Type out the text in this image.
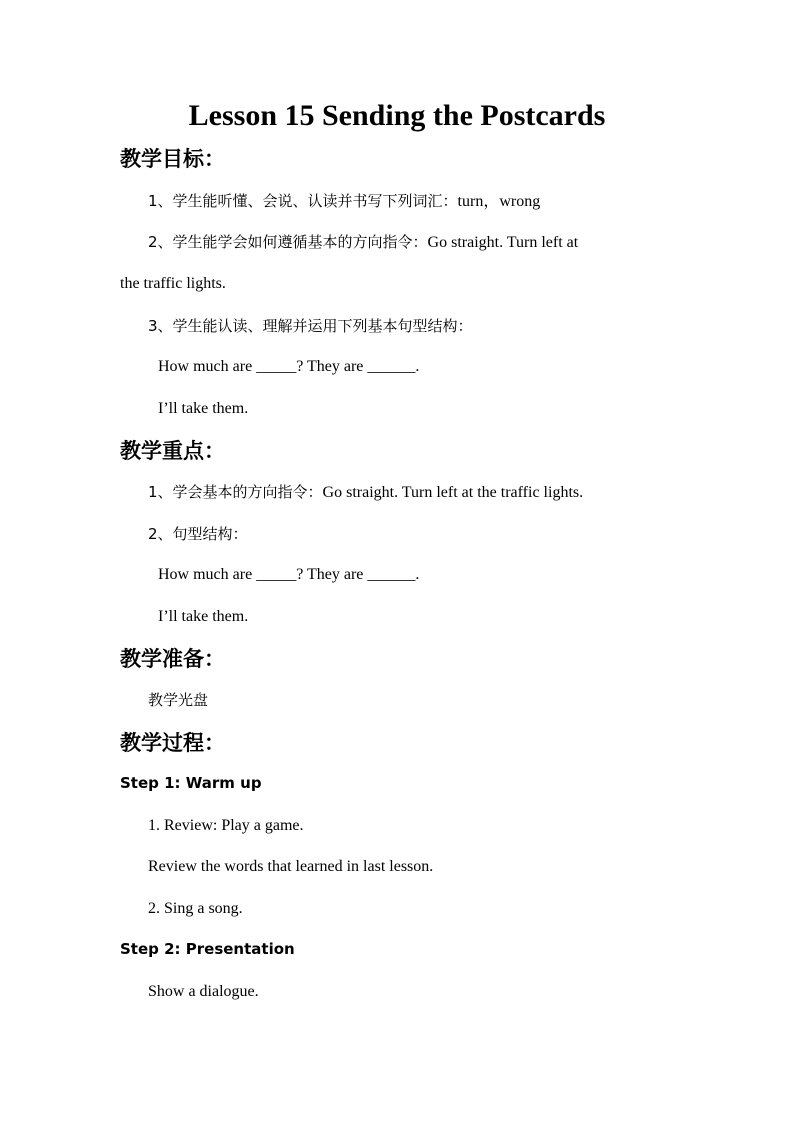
Lesson 15 Sending the Postcards
教学目标：
1、学生能听懂、会说、认读并书写下列词汇：turn，wrong
2、学生能学会如何遵循基本的方向指令：Go straight. Turn left at
the traffic lights.
3、学生能认读、理解并运用下列基本句型结构：
How much are _____? They are ______.
I’ll take them.
教学重点：
1、学会基本的方向指令：Go straight. Turn left at the traffic lights.
2、句型结构：
How much are _____? They are ______.
I’ll take them.
教学准备：
教学光盘
教学过程：
Step 1: Warm up
1. Review: Play a game.
Review the words that learned in last lesson.
2. Sing a song.
Step 2: Presentation
Show a dialogue.
